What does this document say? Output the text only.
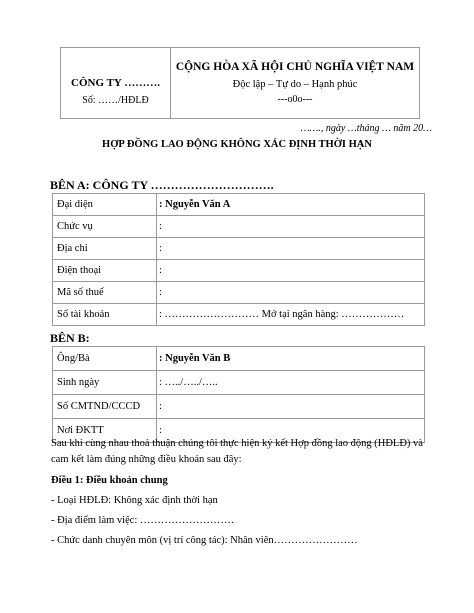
CÔNG TY ……….
Số: ……/HĐLĐ

CỘNG HÒA XÃ HỘI CHỦ NGHĨA VIỆT NAM
Độc lập – Tự do – Hạnh phúc
---o0o---
……., ngày …tháng … năm 20…
HỢP ĐỒNG LAO ĐỘNG KHÔNG XÁC ĐỊNH THỜI HẠN
BÊN A: CÔNG TY ………………………….
Đại diện	: Nguyễn Văn A
Chức vụ	:
Địa chỉ	:
Điện thoại	:
Mã số thuế	:
Số tài khoản	: ……………………… Mở tại ngân hàng: ………………
BÊN B:
Ông/Bà	: Nguyễn Văn B
Sinh ngày	: …../…../…..
Số CMTND/CCCD	:
Nơi ĐKTT	:
Sau khi cùng nhau thoả thuận chúng tôi thực hiện ký kết Hợp đồng lao động (HĐLĐ) và cam kết làm đúng những điều khoản sau đây:
Điều 1: Điều khoản chung
- Loại HĐLĐ: Không xác định thời hạn
- Địa điểm làm việc: ………………………
- Chức danh chuyên môn (vị trí công tác): Nhân viên……………………
